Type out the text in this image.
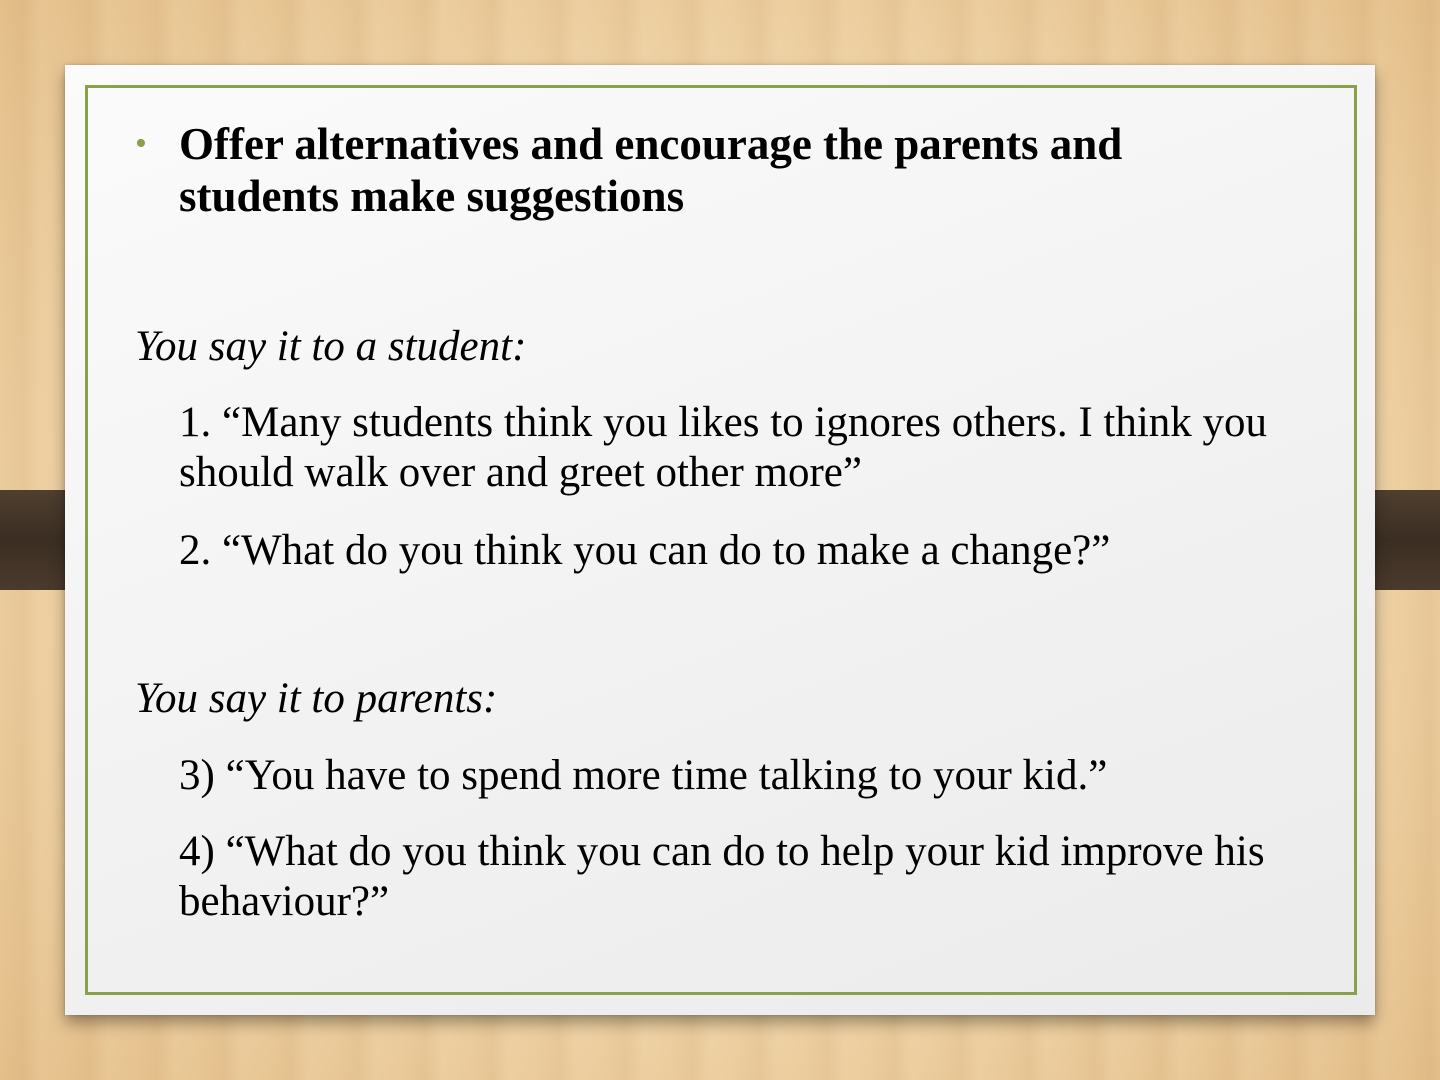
• Offer alternatives and encourage the parents and students make suggestions
You say it to a student:
1. “Many students think you likes to ignores others. I think you should walk over and greet other more”
2. “What do you think you can do to make a change?”
You say it to parents:
3) “You have to spend more time talking to your kid.”
4) “What do you think you can do to help your kid improve his behaviour?”
